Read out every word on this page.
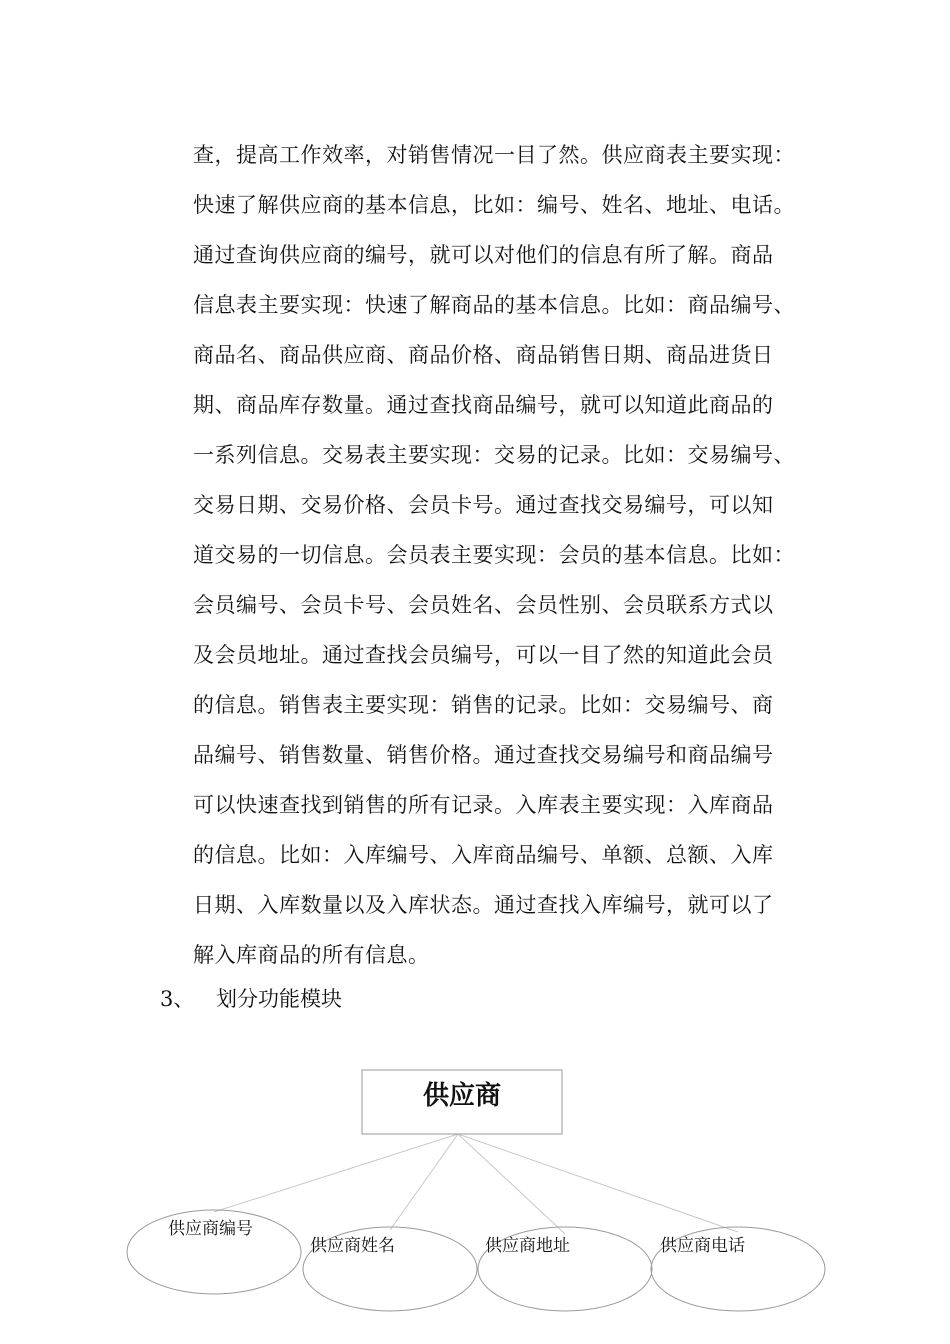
查，提高工作效率，对销售情况一目了然。供应商表主要实现：
快速了解供应商的基本信息，比如：编号、姓名、地址、电话。
通过查询供应商的编号，就可以对他们的信息有所了解。商品
信息表主要实现：快速了解商品的基本信息。比如：商品编号、
商品名、商品供应商、商品价格、商品销售日期、商品进货日
期、商品库存数量。通过查找商品编号，就可以知道此商品的
一系列信息。交易表主要实现：交易的记录。比如：交易编号、
交易日期、交易价格、会员卡号。通过查找交易编号，可以知
道交易的一切信息。会员表主要实现：会员的基本信息。比如：
会员编号、会员卡号、会员姓名、会员性别、会员联系方式以
及会员地址。通过查找会员编号，可以一目了然的知道此会员
的信息。销售表主要实现：销售的记录。比如：交易编号、商
品编号、销售数量、销售价格。通过查找交易编号和商品编号
可以快速查找到销售的所有记录。入库表主要实现：入库商品
的信息。比如：入库编号、入库商品编号、单额、总额、入库
日期、入库数量以及入库状态。通过查找入库编号，就可以了
解入库商品的所有信息。
3、 划分功能模块
供应商
供应商编号
供应商姓名	供应商地址	供应商电话
